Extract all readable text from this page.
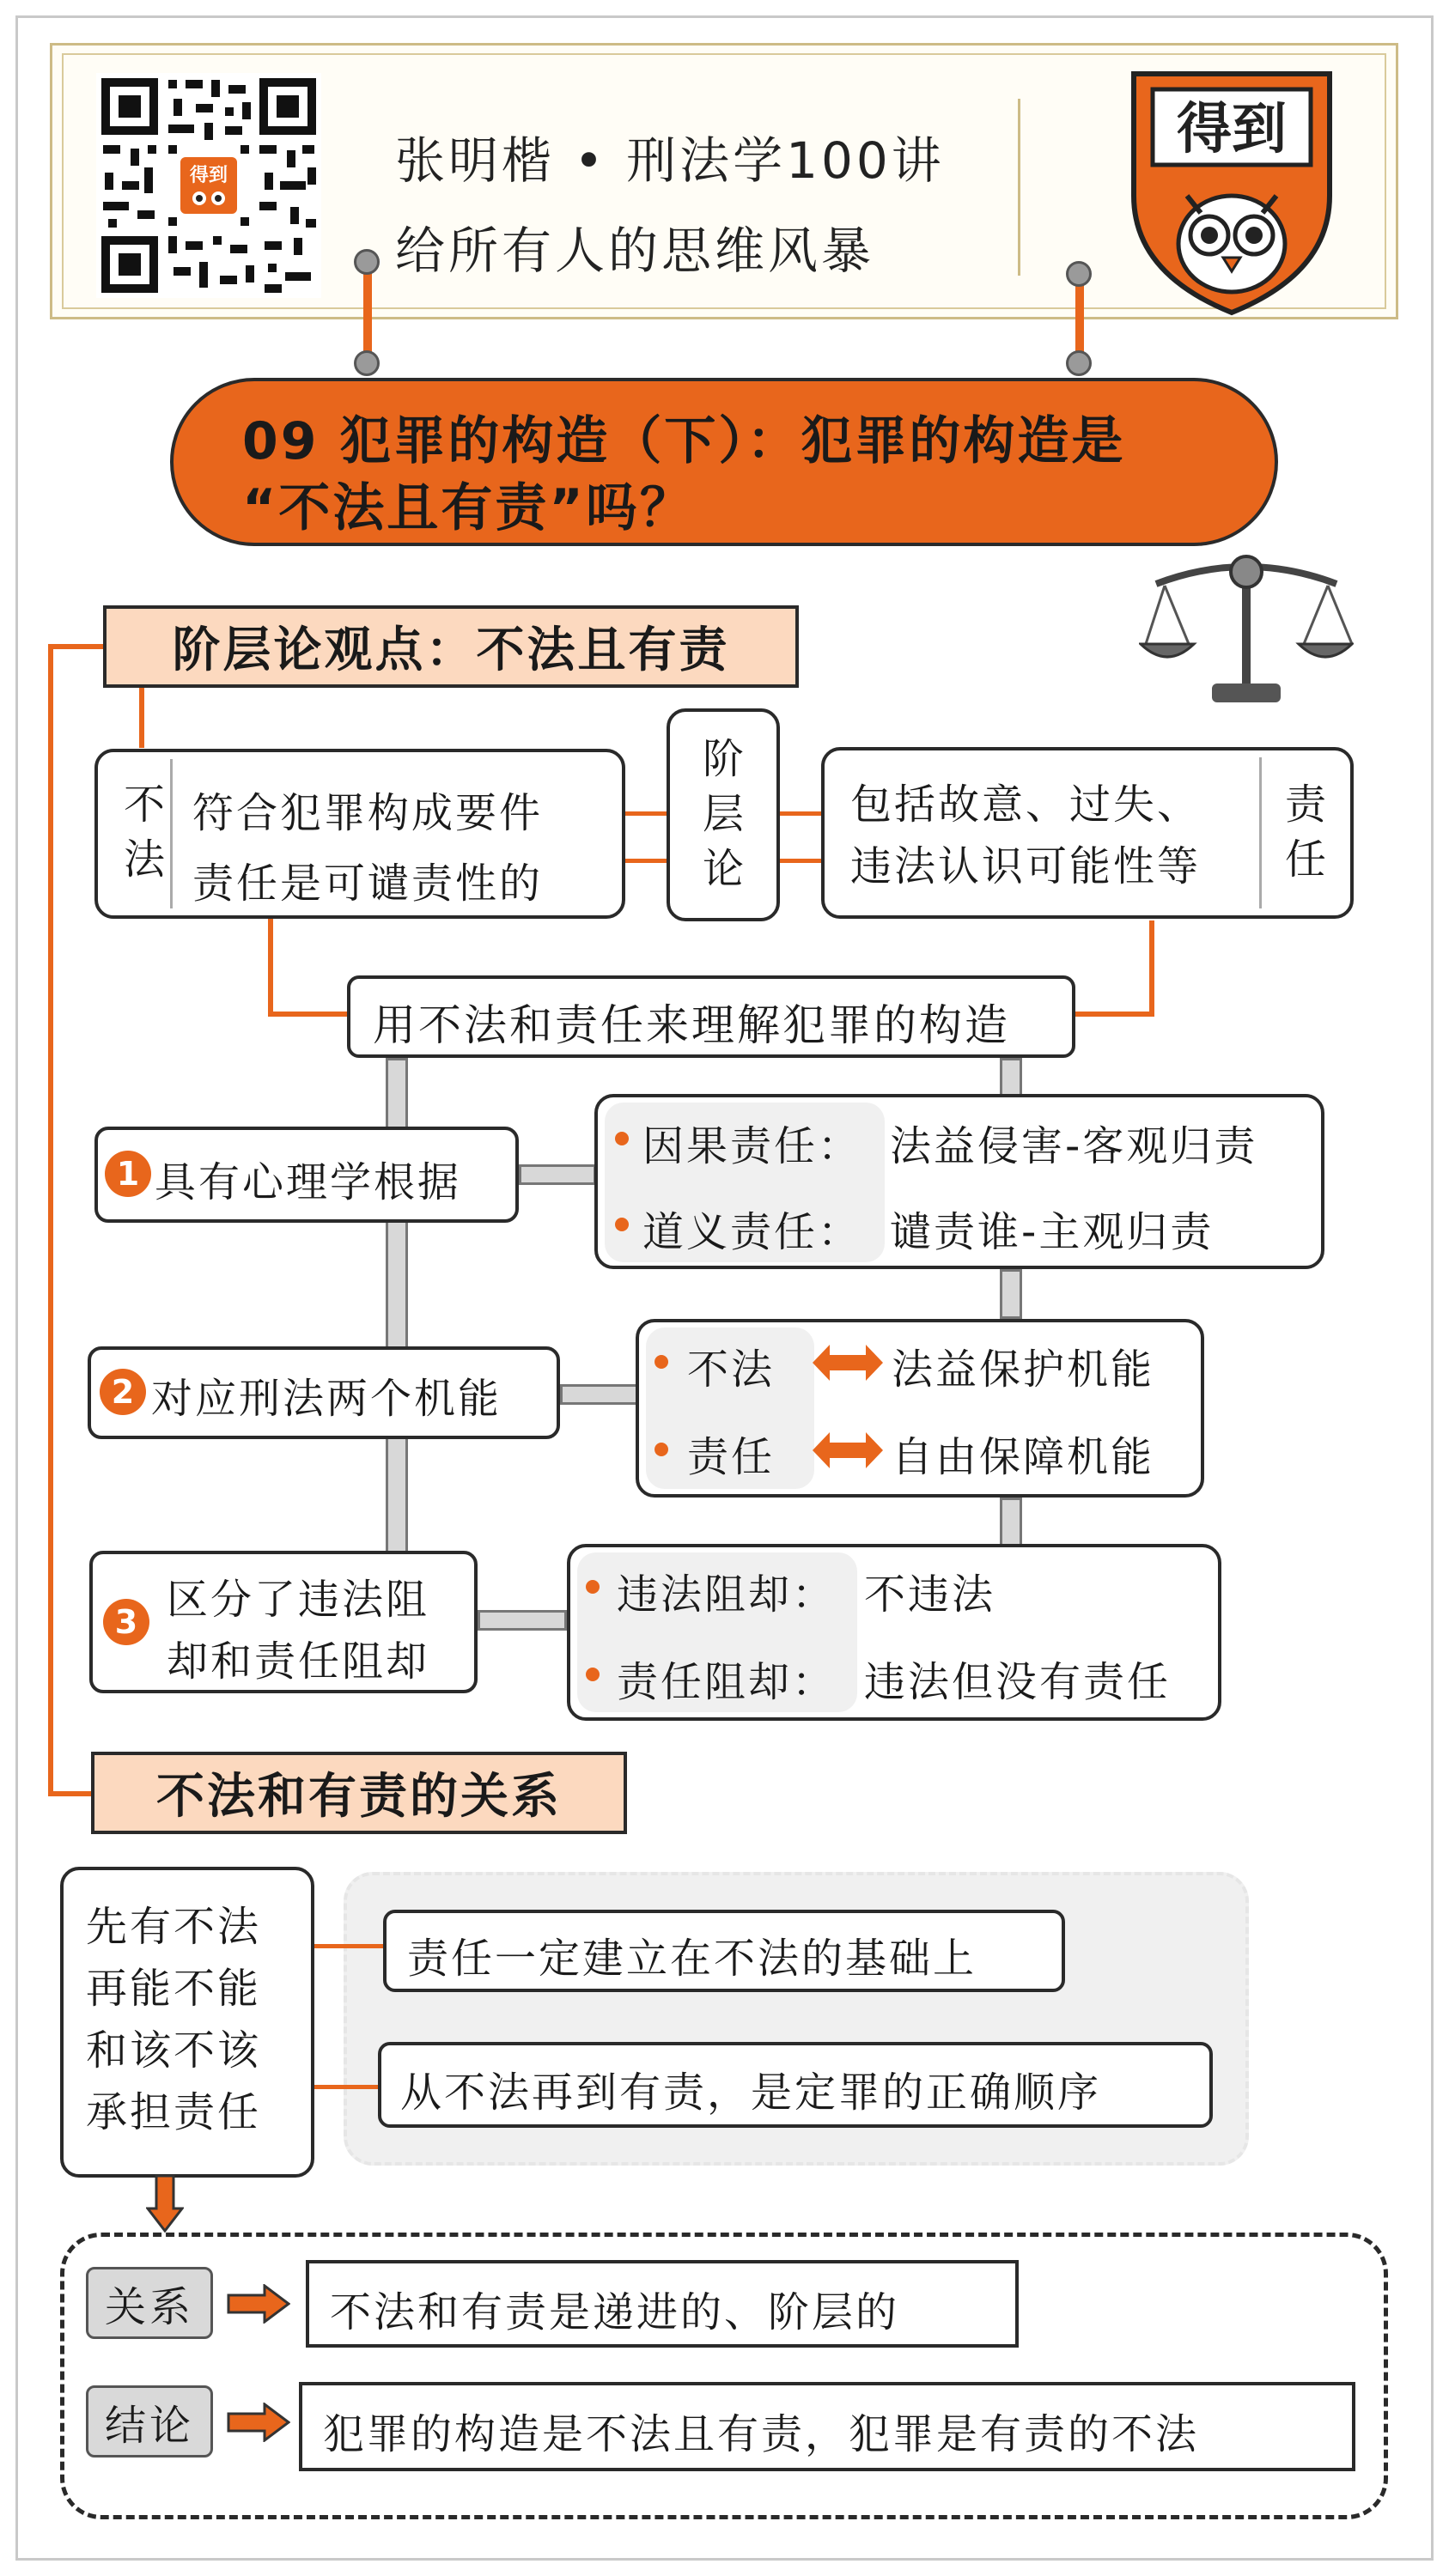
得到	张明楷 • 刑法学100讲
给所有人的思维风暴
得到
09 犯罪的构造（下）：犯罪的构造是
“不法且有责”吗？
阶层论观点：不法且有责
不法
符合犯罪构成要件
责任是可谴责性的
阶层论
包括故意、过失、
违法认识可能性等
责任
用不法和责任来理解犯罪的构造
1 具有心理学根据
因果责任： 法益侵害-客观归责
道义责任： 谴责谁-主观归责
2 对应刑法两个机能
不法	法益保护机能
责任	自由保障机能
3 区分了违法阻
却和责任阻却
违法阻却： 不违法
责任阻却： 违法但没有责任
不法和有责的关系
先有不法
再能不能
和该不该
承担责任
责任一定建立在不法的基础上
从不法再到有责，是定罪的正确顺序
关系	不法和有责是递进的、阶层的
结论	犯罪的构造是不法且有责，犯罪是有责的不法
